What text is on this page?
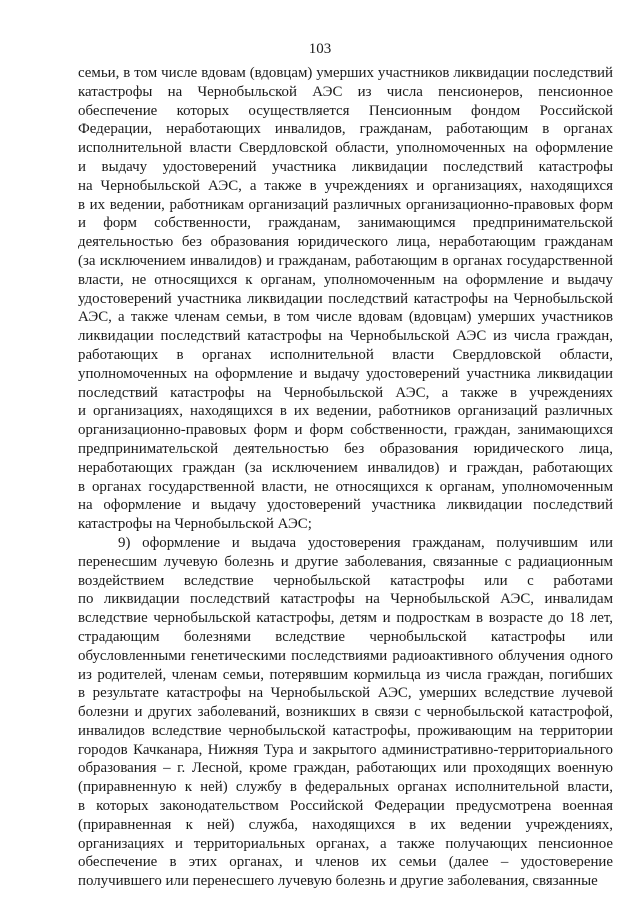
103
семьи, в том числе вдовам (вдовцам) умерших участников ликвидации последствий
катастрофы на Чернобыльской АЭС из числа пенсионеров, пенсионное
обеспечение которых осуществляется Пенсионным фондом Российской
Федерации, неработающих инвалидов, гражданам, работающим в органах
исполнительной власти Свердловской области, уполномоченных на оформление
и выдачу удостоверений участника ликвидации последствий катастрофы
на Чернобыльской АЭС, а также в учреждениях и организациях, находящихся
в их ведении, работникам организаций различных организационно-правовых форм
и форм собственности, гражданам, занимающимся предпринимательской
деятельностью без образования юридического лица, неработающим гражданам
(за исключением инвалидов) и гражданам, работающим в органах государственной
власти, не относящихся к органам, уполномоченным на оформление и выдачу
удостоверений участника ликвидации последствий катастрофы на Чернобыльской
АЭС, а также членам семьи, в том числе вдовам (вдовцам) умерших участников
ликвидации последствий катастрофы на Чернобыльской АЭС из числа граждан,
работающих в органах исполнительной власти Свердловской области,
уполномоченных на оформление и выдачу удостоверений участника ликвидации
последствий катастрофы на Чернобыльской АЭС, а также в учреждениях
и организациях, находящихся в их ведении, работников организаций различных
организационно-правовых форм и форм собственности, граждан, занимающихся
предпринимательской деятельностью без образования юридического лица,
неработающих граждан (за исключением инвалидов) и граждан, работающих
в органах государственной власти, не относящихся к органам, уполномоченным
на оформление и выдачу удостоверений участника ликвидации последствий
катастрофы на Чернобыльской АЭС;
9) оформление и выдача удостоверения гражданам, получившим или
перенесшим лучевую болезнь и другие заболевания, связанные с радиационным
воздействием вследствие чернобыльской катастрофы или с работами
по ликвидации последствий катастрофы на Чернобыльской АЭС, инвалидам
вследствие чернобыльской катастрофы, детям и подросткам в возрасте до 18 лет,
страдающим болезнями вследствие чернобыльской катастрофы или
обусловленными генетическими последствиями радиоактивного облучения одного
из родителей, членам семьи, потерявшим кормильца из числа граждан, погибших
в результате катастрофы на Чернобыльской АЭС, умерших вследствие лучевой
болезни и других заболеваний, возникших в связи с чернобыльской катастрофой,
инвалидов вследствие чернобыльской катастрофы, проживающим на территории
городов Качканара, Нижняя Тура и закрытого административно-территориального
образования – г. Лесной, кроме граждан, работающих или проходящих военную
(приравненную к ней) службу в федеральных органах исполнительной власти,
в которых законодательством Российской Федерации предусмотрена военная
(приравненная к ней) служба, находящихся в их ведении учреждениях,
организациях и территориальных органах, а также получающих пенсионное
обеспечение в этих органах, и членов их семьи (далее – удостоверение
получившего или перенесшего лучевую болезнь и другие заболевания, связанные
